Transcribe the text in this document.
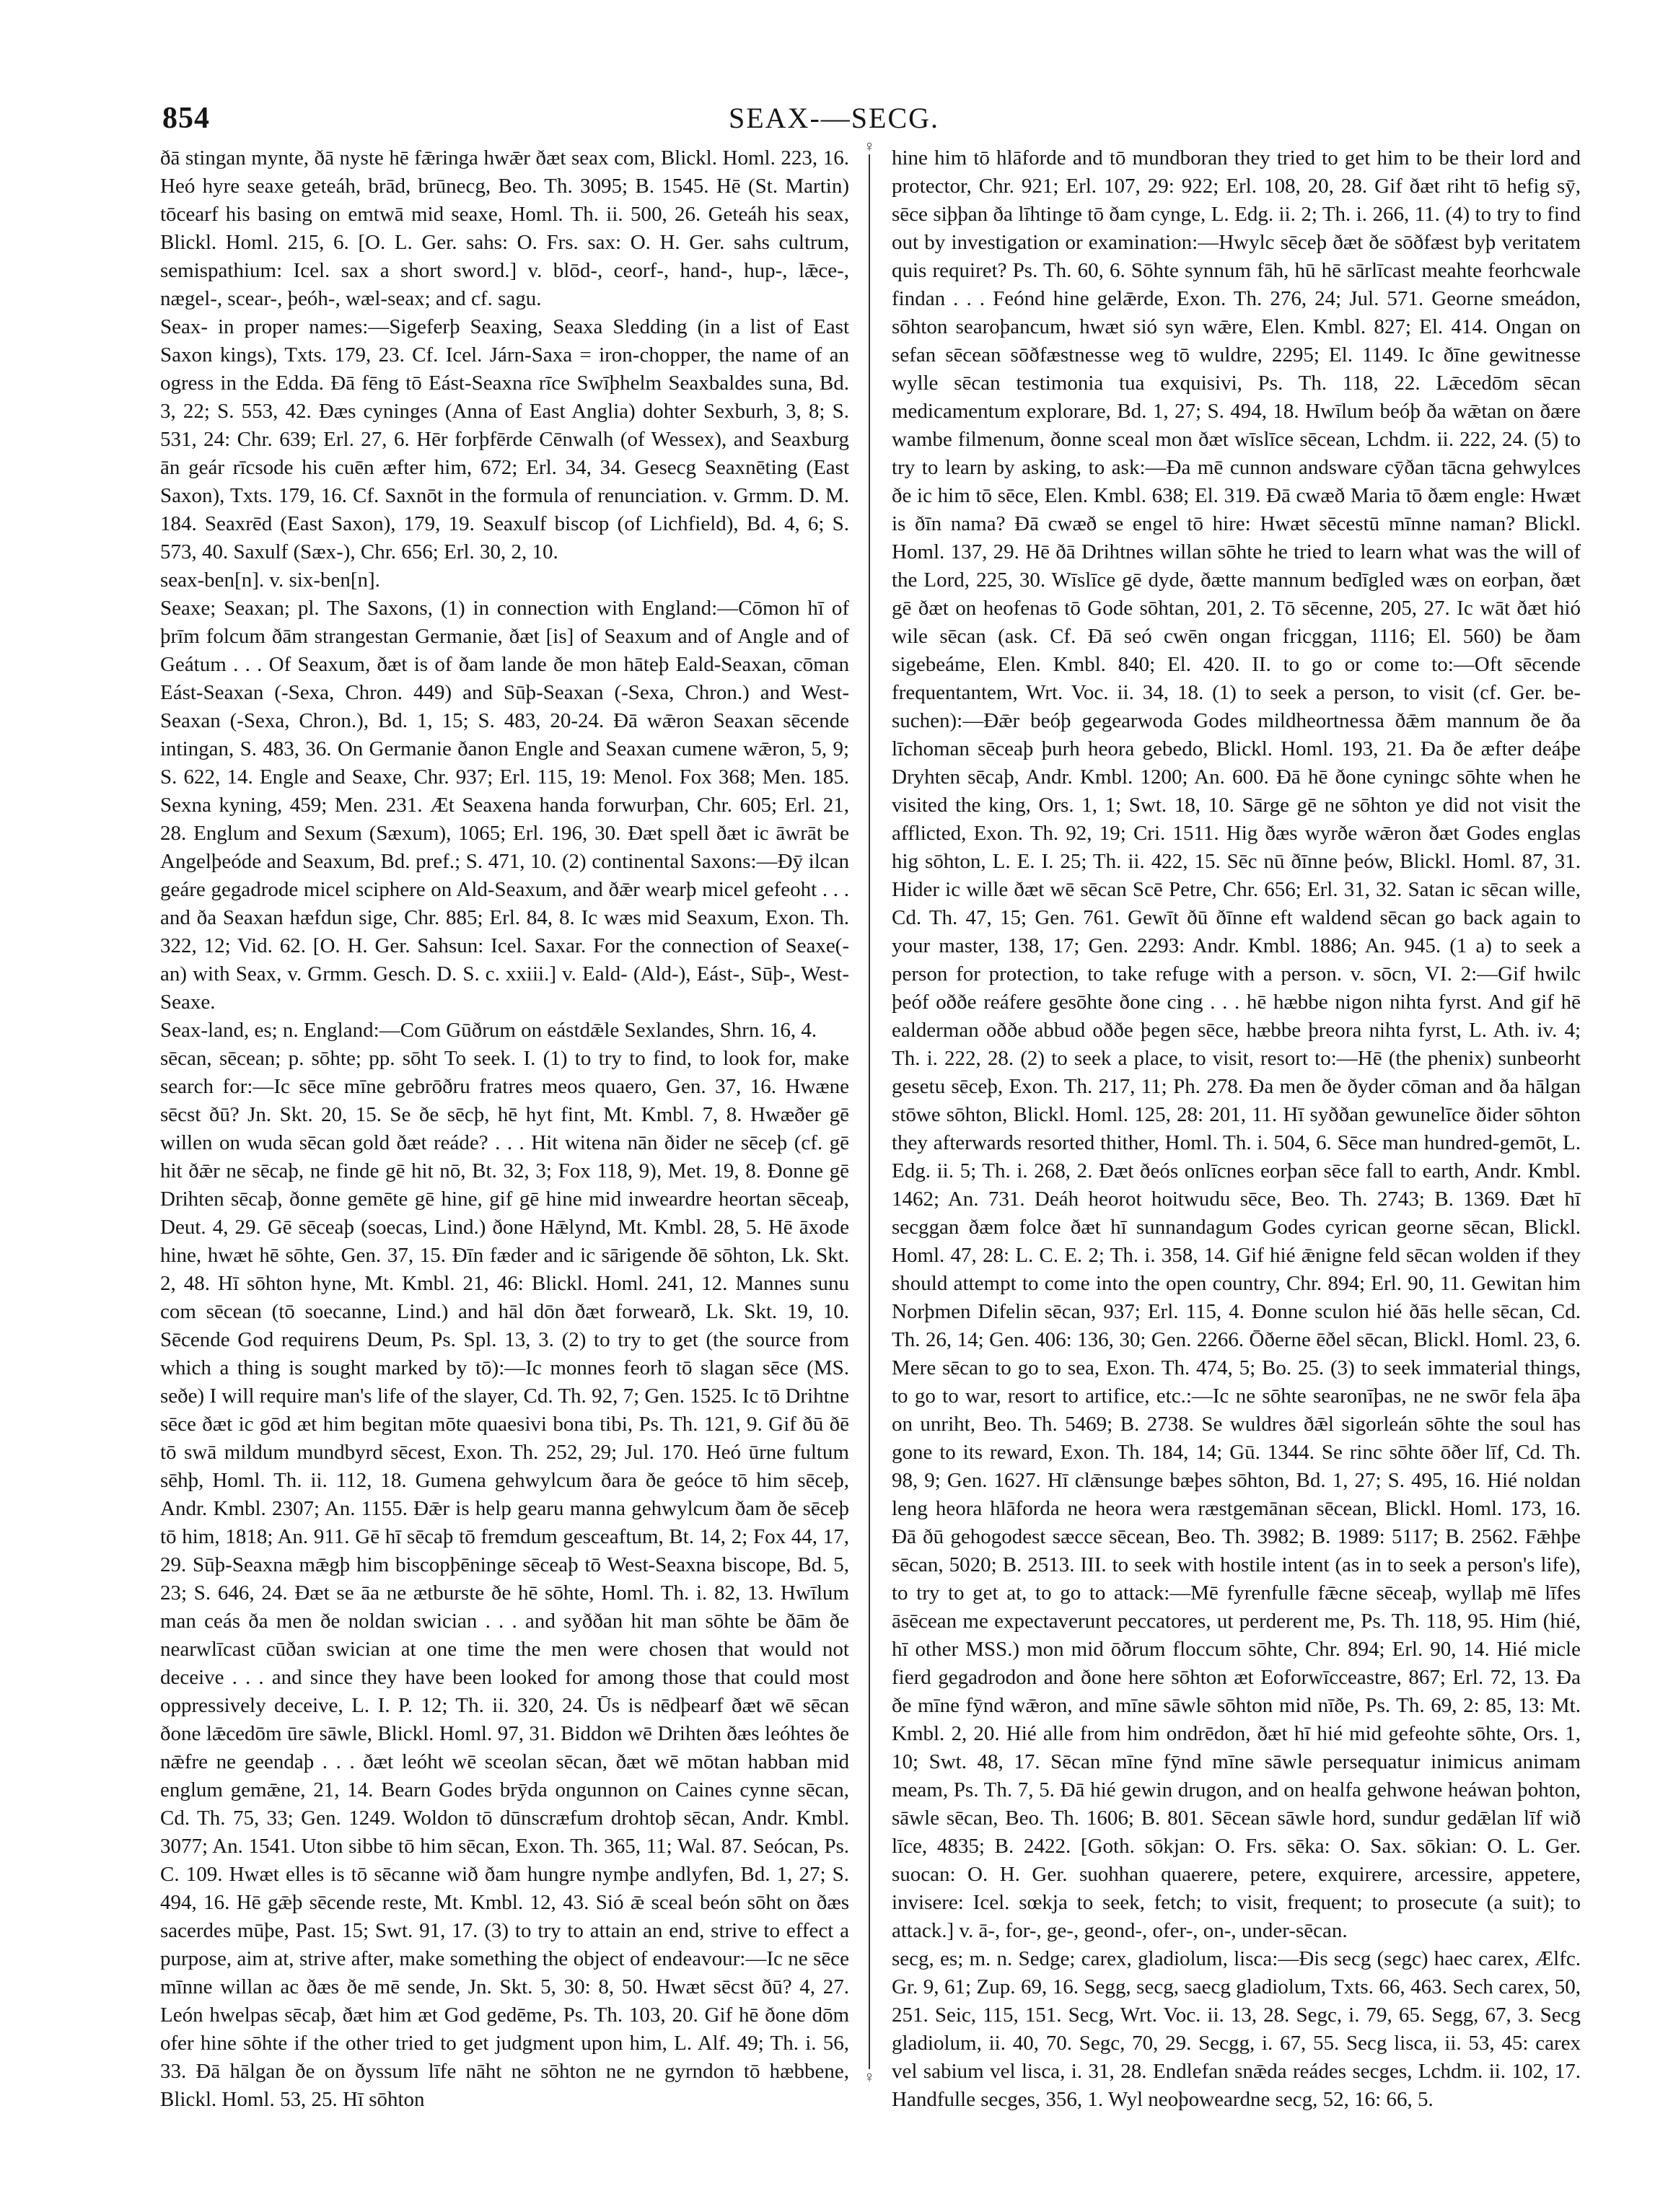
854	SEAX-—SECG.

ðā stingan mynte, ðā nyste hē fǣringa hwǣr ðæt seax com, Blickl. Homl. 223, 16. Heó hyre seaxe geteáh, brād, brūnecg, Beo. Th. 3095; B. 1545. Hē (St. Martin) tōcearf his basing on emtwā mid seaxe, Homl. Th. ii. 500, 26. Geteáh his seax, Blickl. Homl. 215, 6. [O. L. Ger. sahs: O. Frs. sax: O. H. Ger. sahs cultrum, semispathium: Icel. sax a short sword.] v. blōd-, ceorf-, hand-, hup-, lǣce-, nægel-, scear-, þeóh-, wæl-seax; and cf. sagu.

Seax- in proper names:—Sigeferþ Seaxing, Seaxa Sledding (in a list of East Saxon kings), Txts. 179, 23. Cf. Icel. Járn-Saxa = iron-chopper, the name of an ogress in the Edda. Ðā fēng tō Eást-Seaxna rīce Swīþhelm Seaxbaldes suna, Bd. 3, 22; S. 553, 42. Ðæs cyninges (Anna of East Anglia) dohter Sexburh, 3, 8; S. 531, 24: Chr. 639; Erl. 27, 6. Hēr forþfērde Cēnwalh (of Wessex), and Seaxburg ān geár rīcsode his cuēn æfter him, 672; Erl. 34, 34. Gesecg Seaxnēting (East Saxon), Txts. 179, 16. Cf. Saxnōt in the formula of renunciation. v. Grmm. D. M. 184. Seaxrēd (East Saxon), 179, 19. Seaxulf biscop (of Lichfield), Bd. 4, 6; S. 573, 40. Saxulf (Sæx-), Chr. 656; Erl. 30, 2, 10.

seax-ben[n]. v. six-ben[n].

Seaxe; Seaxan; pl. The Saxons, (1) in connection with England:—Cōmon hī of þrīm folcum ðām strangestan Germanie, ðæt [is] of Seaxum and of Angle and of Geátum . . . Of Seaxum, ðæt is of ðam lande ðe mon hāteþ Eald-Seaxan, cōman Eást-Seaxan (-Sexa, Chron. 449) and Sūþ-Seaxan (-Sexa, Chron.) and West-Seaxan (-Sexa, Chron.), Bd. 1, 15; S. 483, 20-24. Ðā wǣron Seaxan sēcende intingan, S. 483, 36. On Germanie ðanon Engle and Seaxan cumene wǣron, 5, 9; S. 622, 14. Engle and Seaxe, Chr. 937; Erl. 115, 19: Menol. Fox 368; Men. 185. Sexna kyning, 459; Men. 231. Æt Seaxena handa forwurþan, Chr. 605; Erl. 21, 28. Englum and Sexum (Sæxum), 1065; Erl. 196, 30. Ðæt spell ðæt ic āwrāt be Angelþeóde and Seaxum, Bd. pref.; S. 471, 10. (2) continental Saxons:—Ðȳ ilcan geáre gegadrode micel sciphere on Ald-Seaxum, and ðǣr wearþ micel gefeoht . . . and ða Seaxan hæfdun sige, Chr. 885; Erl. 84, 8. Ic wæs mid Seaxum, Exon. Th. 322, 12; Vid. 62. [O. H. Ger. Sahsun: Icel. Saxar. For the connection of Seaxe(-an) with Seax, v. Grmm. Gesch. D. S. c. xxiii.] v. Eald- (Ald-), Eást-, Sūþ-, West-Seaxe.

Seax-land, es; n. England:—Com Gūðrum on eástdǣle Sexlandes, Shrn. 16, 4.

sēcan, sēcean; p. sōhte; pp. sōht To seek. I. (1) to try to find, to look for, make search for:—Ic sēce mīne gebrōðru fratres meos quaero, Gen. 37, 16. Hwæne sēcst ðū? Jn. Skt. 20, 15. Se ðe sēcþ, hē hyt fint, Mt. Kmbl. 7, 8. Hwæðer gē willen on wuda sēcan gold ðæt reáde? . . . Hit witena nān ðider ne sēceþ (cf. gē hit ðǣr ne sēcaþ, ne finde gē hit nō, Bt. 32, 3; Fox 118, 9), Met. 19, 8. Ðonne gē Drihten sēcaþ, ðonne gemēte gē hine, gif gē hine mid inweardre heortan sēceaþ, Deut. 4, 29. Gē sēceaþ (soecas, Lind.) ðone Hǣlynd, Mt. Kmbl. 28, 5. Hē āxode hine, hwæt hē sōhte, Gen. 37, 15. Ðīn fæder and ic sārigende ðē sōhton, Lk. Skt. 2, 48. Hī sōhton hyne, Mt. Kmbl. 21, 46: Blickl. Homl. 241, 12. Mannes sunu com sēcean (tō soecanne, Lind.) and hāl dōn ðæt forwearð, Lk. Skt. 19, 10. Sēcende God requirens Deum, Ps. Spl. 13, 3. (2) to try to get (the source from which a thing is sought marked by tō):—Ic monnes feorh tō slagan sēce (MS. seðe) I will require man's life of the slayer, Cd. Th. 92, 7; Gen. 1525. Ic tō Drihtne sēce ðæt ic gōd æt him begitan mōte quaesivi bona tibi, Ps. Th. 121, 9. Gif ðū ðē tō swā mildum mundbyrd sēcest, Exon. Th. 252, 29; Jul. 170. Heó ūrne fultum sēhþ, Homl. Th. ii. 112, 18. Gumena gehwylcum ðara ðe geóce tō him sēceþ, Andr. Kmbl. 2307; An. 1155. Ðǣr is help gearu manna gehwylcum ðam ðe sēceþ tō him, 1818; An. 911. Gē hī sēcaþ tō fremdum gesceaftum, Bt. 14, 2; Fox 44, 17, 29. Sūþ-Seaxna mǣgþ him biscopþēninge sēceaþ tō West-Seaxna biscope, Bd. 5, 23; S. 646, 24. Ðæt se āa ne ætburste ðe hē sōhte, Homl. Th. i. 82, 13. Hwīlum man ceás ða men ðe noldan swician . . . and syððan hit man sōhte be ðām ðe nearwlīcast cūðan swician at one time the men were chosen that would not deceive . . . and since they have been looked for among those that could most oppressively deceive, L. I. P. 12; Th. ii. 320, 24. Ūs is nēdþearf ðæt wē sēcan ðone lǣcedōm ūre sāwle, Blickl. Homl. 97, 31. Biddon wē Drihten ðæs leóhtes ðe nǣfre ne geendaþ . . . ðæt leóht wē sceolan sēcan, ðæt wē mōtan habban mid englum gemǣne, 21, 14. Bearn Godes brȳda ongunnon on Caines cynne sēcan, Cd. Th. 75, 33; Gen. 1249. Woldon tō dūnscræfum drohtoþ sēcan, Andr. Kmbl. 3077; An. 1541. Uton sibbe tō him sēcan, Exon. Th. 365, 11; Wal. 87. Seócan, Ps. C. 109. Hwæt elles is tō sēcanne wið ðam hungre nymþe andlyfen, Bd. 1, 27; S. 494, 16. Hē gǣþ sēcende reste, Mt. Kmbl. 12, 43. Sió ǣ sceal beón sōht on ðæs sacerdes mūþe, Past. 15; Swt. 91, 17. (3) to try to attain an end, strive to effect a purpose, aim at, strive after, make something the object of endeavour:—Ic ne sēce mīnne willan ac ðæs ðe mē sende, Jn. Skt. 5, 30: 8, 50. Hwæt sēcst ðū? 4, 27. León hwelpas sēcaþ, ðæt him æt God gedēme, Ps. Th. 103, 20. Gif hē ðone dōm ofer hine sōhte if the other tried to get judgment upon him, L. Alf. 49; Th. i. 56, 33. Ðā hālgan ðe on ðyssum līfe nāht ne sōhton ne ne gyrndon tō hæbbene, Blickl. Homl. 53, 25. Hī sōhton

♀
♀

hine him tō hlāforde and tō mundboran they tried to get him to be their lord and protector, Chr. 921; Erl. 107, 29: 922; Erl. 108, 20, 28. Gif ðæt riht tō hefig sȳ, sēce siþþan ða līhtinge tō ðam cynge, L. Edg. ii. 2; Th. i. 266, 11. (4) to try to find out by investigation or examination:—Hwylc sēceþ ðæt ðe sōðfæst byþ veritatem quis requiret? Ps. Th. 60, 6. Sōhte synnum fāh, hū hē sārlīcast meahte feorhcwale findan . . . Feónd hine gelǣrde, Exon. Th. 276, 24; Jul. 571. Georne smeádon, sōhton searoþancum, hwæt sió syn wǣre, Elen. Kmbl. 827; El. 414. Ongan on sefan sēcean sōðfæstnesse weg tō wuldre, 2295; El. 1149. Ic ðīne gewitnesse wylle sēcan testimonia tua exquisivi, Ps. Th. 118, 22. Lǣcedōm sēcan medicamentum explorare, Bd. 1, 27; S. 494, 18. Hwīlum beóþ ða wǣtan on ðære wambe filmenum, ðonne sceal mon ðæt wīslīce sēcean, Lchdm. ii. 222, 24. (5) to try to learn by asking, to ask:—Ða mē cunnon andsware cȳðan tācna gehwylces ðe ic him tō sēce, Elen. Kmbl. 638; El. 319. Ðā cwæð Maria tō ðæm engle: Hwæt is ðīn nama? Ðā cwæð se engel tō hire: Hwæt sēcestū mīnne naman? Blickl. Homl. 137, 29. Hē ðā Drihtnes willan sōhte he tried to learn what was the will of the Lord, 225, 30. Wīslīce gē dyde, ðætte mannum bedīgled wæs on eorþan, ðæt gē ðæt on heofenas tō Gode sōhtan, 201, 2. Tō sēcenne, 205, 27. Ic wāt ðæt hió wile sēcan (ask. Cf. Ðā seó cwēn ongan fricggan, 1116; El. 560) be ðam sigebeáme, Elen. Kmbl. 840; El. 420. II. to go or come to:—Oft sēcende frequentantem, Wrt. Voc. ii. 34, 18. (1) to seek a person, to visit (cf. Ger. be-suchen):—Ðǣr beóþ gegearwoda Godes mildheortnessa ðǣm mannum ðe ða līchoman sēceaþ þurh heora gebedo, Blickl. Homl. 193, 21. Ða ðe æfter deáþe Dryhten sēcaþ, Andr. Kmbl. 1200; An. 600. Ðā hē ðone cyningc sōhte when he visited the king, Ors. 1, 1; Swt. 18, 10. Sārge gē ne sōhton ye did not visit the afflicted, Exon. Th. 92, 19; Cri. 1511. Hig ðæs wyrðe wǣron ðæt Godes englas hig sōhton, L. E. I. 25; Th. ii. 422, 15. Sēc nū ðīnne þeów, Blickl. Homl. 87, 31. Hider ic wille ðæt wē sēcan Scē Petre, Chr. 656; Erl. 31, 32. Satan ic sēcan wille, Cd. Th. 47, 15; Gen. 761. Gewīt ðū ðīnne eft waldend sēcan go back again to your master, 138, 17; Gen. 2293: Andr. Kmbl. 1886; An. 945. (1 a) to seek a person for protection, to take refuge with a person. v. sōcn, VI. 2:—Gif hwilc þeóf oððe reáfere gesōhte ðone cing . . . hē hæbbe nigon nihta fyrst. And gif hē ealderman oððe abbud oððe þegen sēce, hæbbe þreora nihta fyrst, L. Ath. iv. 4; Th. i. 222, 28. (2) to seek a place, to visit, resort to:—Hē (the phenix) sunbeorht gesetu sēceþ, Exon. Th. 217, 11; Ph. 278. Ða men ðe ðyder cōman and ða hālgan stōwe sōhton, Blickl. Homl. 125, 28: 201, 11. Hī syððan gewunelīce ðider sōhton they afterwards resorted thither, Homl. Th. i. 504, 6. Sēce man hundred-gemōt, L. Edg. ii. 5; Th. i. 268, 2. Ðæt ðeós onlīcnes eorþan sēce fall to earth, Andr. Kmbl. 1462; An. 731. Deáh heorot hoitwudu sēce, Beo. Th. 2743; B. 1369. Ðæt hī secggan ðæm folce ðæt hī sunnandagum Godes cyrican georne sēcan, Blickl. Homl. 47, 28: L. C. E. 2; Th. i. 358, 14. Gif hié ǣnigne feld sēcan wolden if they should attempt to come into the open country, Chr. 894; Erl. 90, 11. Gewitan him Norþmen Difelin sēcan, 937; Erl. 115, 4. Ðonne sculon hié ðās helle sēcan, Cd. Th. 26, 14; Gen. 406: 136, 30; Gen. 2266. Ōðerne ēðel sēcan, Blickl. Homl. 23, 6. Mere sēcan to go to sea, Exon. Th. 474, 5; Bo. 25. (3) to seek immaterial things, to go to war, resort to artifice, etc.:—Ic ne sōhte searonīþas, ne ne swōr fela āþa on unriht, Beo. Th. 5469; B. 2738. Se wuldres ðǣl sigorleán sōhte the soul has gone to its reward, Exon. Th. 184, 14; Gū. 1344. Se rinc sōhte ōðer līf, Cd. Th. 98, 9; Gen. 1627. Hī clǣnsunge bæþes sōhton, Bd. 1, 27; S. 495, 16. Hié noldan leng heora hlāforda ne heora wera ræstgemānan sēcean, Blickl. Homl. 173, 16. Ðā ðū gehogodest sæcce sēcean, Beo. Th. 3982; B. 1989: 5117; B. 2562. Fǣhþe sēcan, 5020; B. 2513. III. to seek with hostile intent (as in to seek a person's life), to try to get at, to go to attack:—Mē fyrenfulle fǣcne sēceaþ, wyllaþ mē līfes āsēcean me expectaverunt peccatores, ut perderent me, Ps. Th. 118, 95. Him (hié, hī other MSS.) mon mid ōðrum floccum sōhte, Chr. 894; Erl. 90, 14. Hié micle fierd gegadrodon and ðone here sōhton æt Eoforwīcceastre, 867; Erl. 72, 13. Ða ðe mīne fȳnd wǣron, and mīne sāwle sōhton mid nīðe, Ps. Th. 69, 2: 85, 13: Mt. Kmbl. 2, 20. Hié alle from him ondrēdon, ðæt hī hié mid gefeohte sōhte, Ors. 1, 10; Swt. 48, 17. Sēcan mīne fȳnd mīne sāwle persequatur inimicus animam meam, Ps. Th. 7, 5. Ðā hié gewin drugon, and on healfa gehwone heáwan þohton, sāwle sēcan, Beo. Th. 1606; B. 801. Sēcean sāwle hord, sundur gedǣlan līf wið līce, 4835; B. 2422. [Goth. sōkjan: O. Frs. sēka: O. Sax. sōkian: O. L. Ger. suocan: O. H. Ger. suohhan quaerere, petere, exquirere, arcessire, appetere, invisere: Icel. sœkja to seek, fetch; to visit, frequent; to prosecute (a suit); to attack.] v. ā-, for-, ge-, geond-, ofer-, on-, under-sēcan.

secg, es; m. n. Sedge; carex, gladiolum, lisca:—Ðis secg (segc) haec carex, Ælfc. Gr. 9, 61; Zup. 69, 16. Segg, secg, saecg gladiolum, Txts. 66, 463. Sech carex, 50, 251. Seic, 115, 151. Secg, Wrt. Voc. ii. 13, 28. Segc, i. 79, 65. Segg, 67, 3. Secg gladiolum, ii. 40, 70. Segc, 70, 29. Secgg, i. 67, 55. Secg lisca, ii. 53, 45: carex vel sabium vel lisca, i. 31, 28. Endlefan snǣda reádes secges, Lchdm. ii. 102, 17. Handfulle secges, 356, 1. Wyl neoþoweardne secg, 52, 16: 66, 5.
